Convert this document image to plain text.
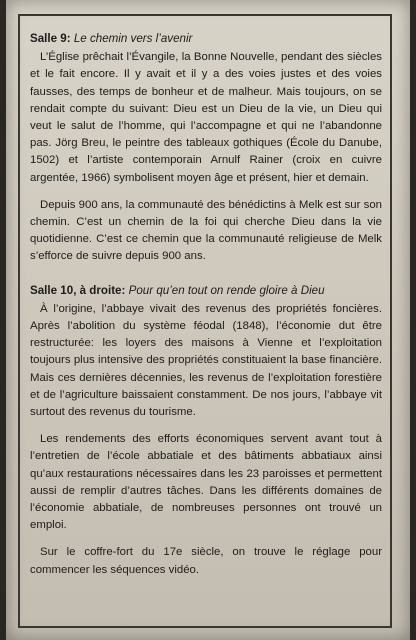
Salle 9: Le chemin vers l’avenir

L’Église prêchait l’Évangile, la Bonne Nouvelle, pendant des siècles et le fait encore. Il y avait et il y a des voies justes et des voies fausses, des temps de bonheur et de malheur. Mais toujours, on se rendait compte du suivant: Dieu est un Dieu de la vie, un Dieu qui veut le salut de l’homme, qui l’accompagne et qui ne l’abandonne pas. Jörg Breu, le peintre des tableaux gothiques (École du Danube, 1502) et l’artiste contemporain Arnulf Rainer (croix en cuivre argentée, 1966) symbolisent moyen âge et présent, hier et demain.

Depuis 900 ans, la communauté des bénédictins à Melk est sur son chemin. C’est un chemin de la foi qui cherche Dieu dans la vie quotidienne. C’est ce chemin que la communauté religieuse de Melk s’efforce de suivre depuis 900 ans.

Salle 10, à droite: Pour qu’en tout on rende gloire à Dieu

À l’origine, l’abbaye vivait des revenus des propriétés foncières. Après l’abolition du système féodal (1848), l’économie dut être restructurée: les loyers des maisons à Vienne et l’exploitation toujours plus intensive des propriétés constituaient la base financière. Mais ces dernières décennies, les revenus de l’exploitation forestière et de l’agriculture baissaient constamment. De nos jours, l’abbaye vit surtout des revenus du tourisme.

Les rendements des efforts économiques servent avant tout à l’entretien de l’école abbatiale et des bâtiments abbatiaux ainsi qu’aux restaurations nécessaires dans les 23 paroisses et permettent aussi de remplir d’autres tâches. Dans les différents domaines de l’économie abbatiale, de nombreuses personnes ont trouvé un emploi.

Sur le coffre-fort du 17e siècle, on trouve le réglage pour commencer les séquences vidéo.
